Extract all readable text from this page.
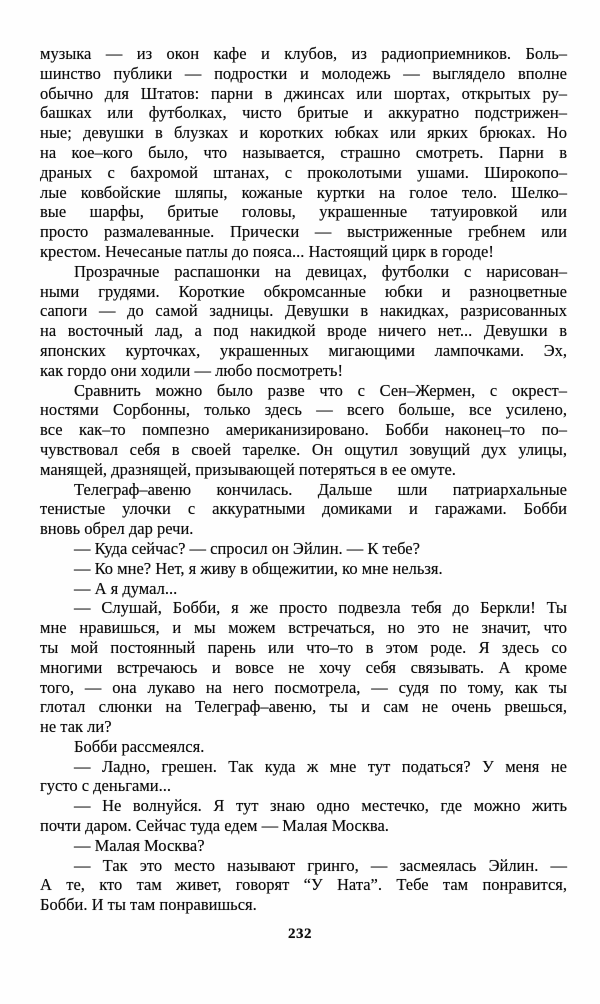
музыка — из окон кафе и клубов, из радиоприемников. Боль–
шинство публики — подростки и молодежь — выглядело вполне
обычно для Штатов: парни в джинсах или шортах, открытых ру–
башках или футболках, чисто бритые и аккуратно подстрижен–
ные; девушки в блузках и коротких юбках или ярких брюках. Но
на кое–кого было, что называется, страшно смотреть. Парни в
драных с бахромой штанах, с проколотыми ушами. Широкопо–
лые ковбойские шляпы, кожаные куртки на голое тело. Шелко–
вые шарфы, бритые головы, украшенные татуировкой или
просто размалеванные. Прически — выстриженные гребнем или
крестом. Нечесаные патлы до пояса... Настоящий цирк в городе!
Прозрачные распашонки на девицах, футболки с нарисован–
ными грудями. Короткие обкромсанные юбки и разноцветные
сапоги — до самой задницы. Девушки в накидках, разрисованных
на восточный лад, а под накидкой вроде ничего нет... Девушки в
японских курточках, украшенных мигающими лампочками. Эх,
как гордо они ходили — любо посмотреть!
Сравнить можно было разве что с Сен–Жермен, с окрест–
ностями Сорбонны, только здесь — всего больше, все усилено,
все как–то помпезно американизировано. Бобби наконец–то по–
чувствовал себя в своей тарелке. Он ощутил зовущий дух улицы,
манящей, дразнящей, призывающей потеряться в ее омуте.
Телеграф–авеню кончилась. Дальше шли патриархальные
тенистые улочки с аккуратными домиками и гаражами. Бобби
вновь обрел дар речи.
— Куда сейчас? — спросил он Эйлин. — К тебе?
— Ко мне? Нет, я живу в общежитии, ко мне нельзя.
— А я думал...
— Слушай, Бобби, я же просто подвезла тебя до Беркли! Ты
мне нравишься, и мы можем встречаться, но это не значит, что
ты мой постоянный парень или что–то в этом роде. Я здесь со
многими встречаюсь и вовсе не хочу себя связывать. А кроме
того, — она лукаво на него посмотрела, — судя по тому, как ты
глотал слюнки на Телеграф–авеню, ты и сам не очень рвешься,
не так ли?
Бобби рассмеялся.
— Ладно, грешен. Так куда ж мне тут податься? У меня не
густо с деньгами...
— Не волнуйся. Я тут знаю одно местечко, где можно жить
почти даром. Сейчас туда едем — Малая Москва.
— Малая Москва?
— Так это место называют гринго, — засмеялась Эйлин. —
А те, кто там живет, говорят “У Ната”. Тебе там понравится,
Бобби. И ты там понравишься.
232
